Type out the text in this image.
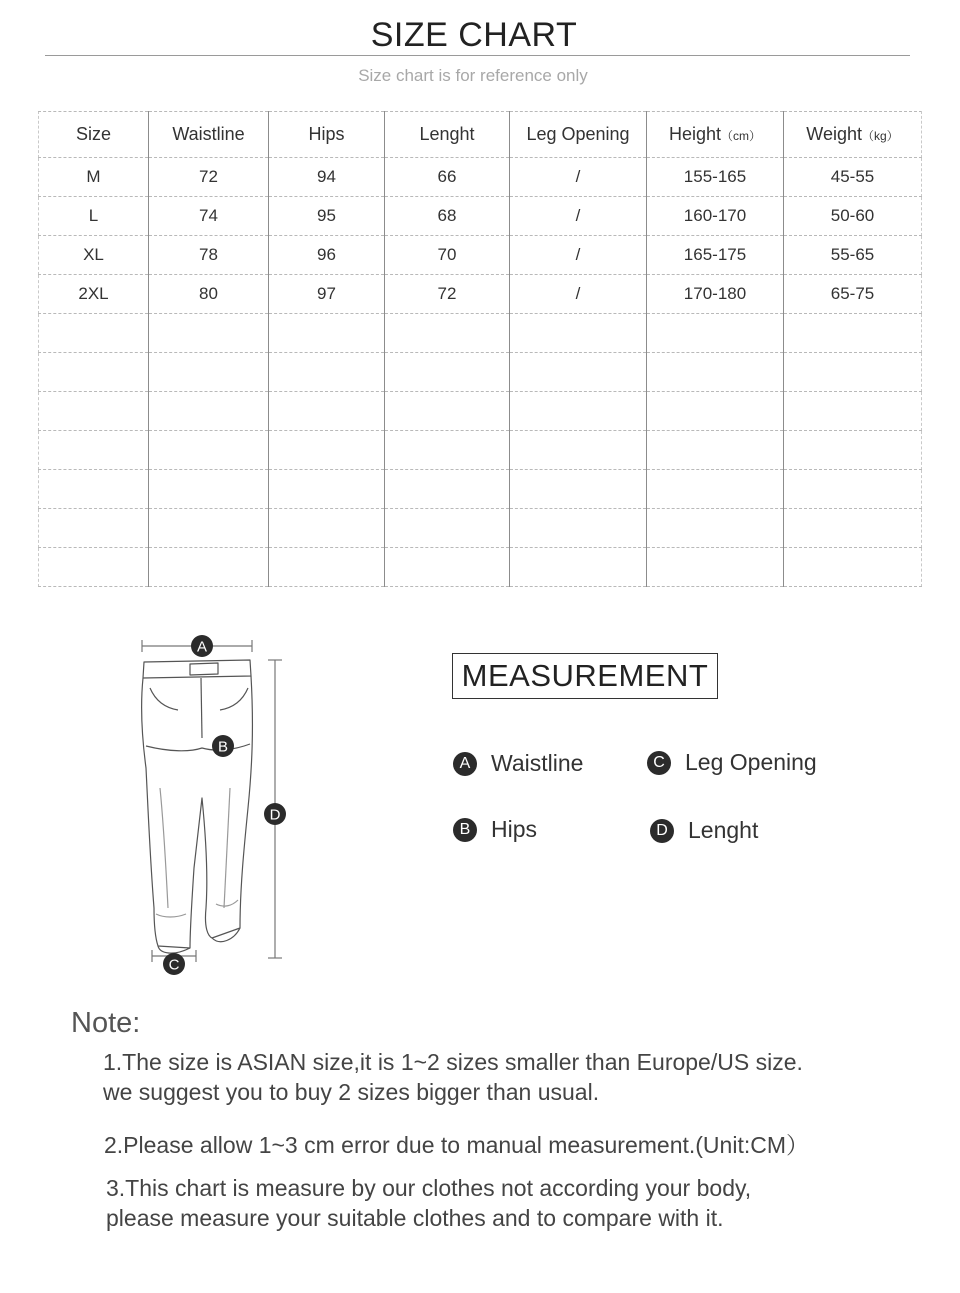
SIZE CHART
Size chart is for reference only
Size	Waistline	Hips	Lenght	Leg Opening	Height（cm）	Weight（kg）
M	72	94	66	/	155-165	45-55
L	74	95	68	/	160-170	50-60
XL	78	96	70	/	165-175	55-65
2XL	80	97	72	/	170-180	65-75

A
B
C
D
MEASUREMENT
A Waistline	C Leg Opening
B Hips	D Lenght
Note:
1.The size is ASIAN size,it is 1~2 sizes smaller than Europe/US size.
we suggest you to buy 2 sizes bigger than usual.
2.Please allow 1~3 cm error due to manual measurement.(Unit:CM）
3.This chart is measure by our clothes not according your body,
please measure your suitable clothes and to compare with it.
